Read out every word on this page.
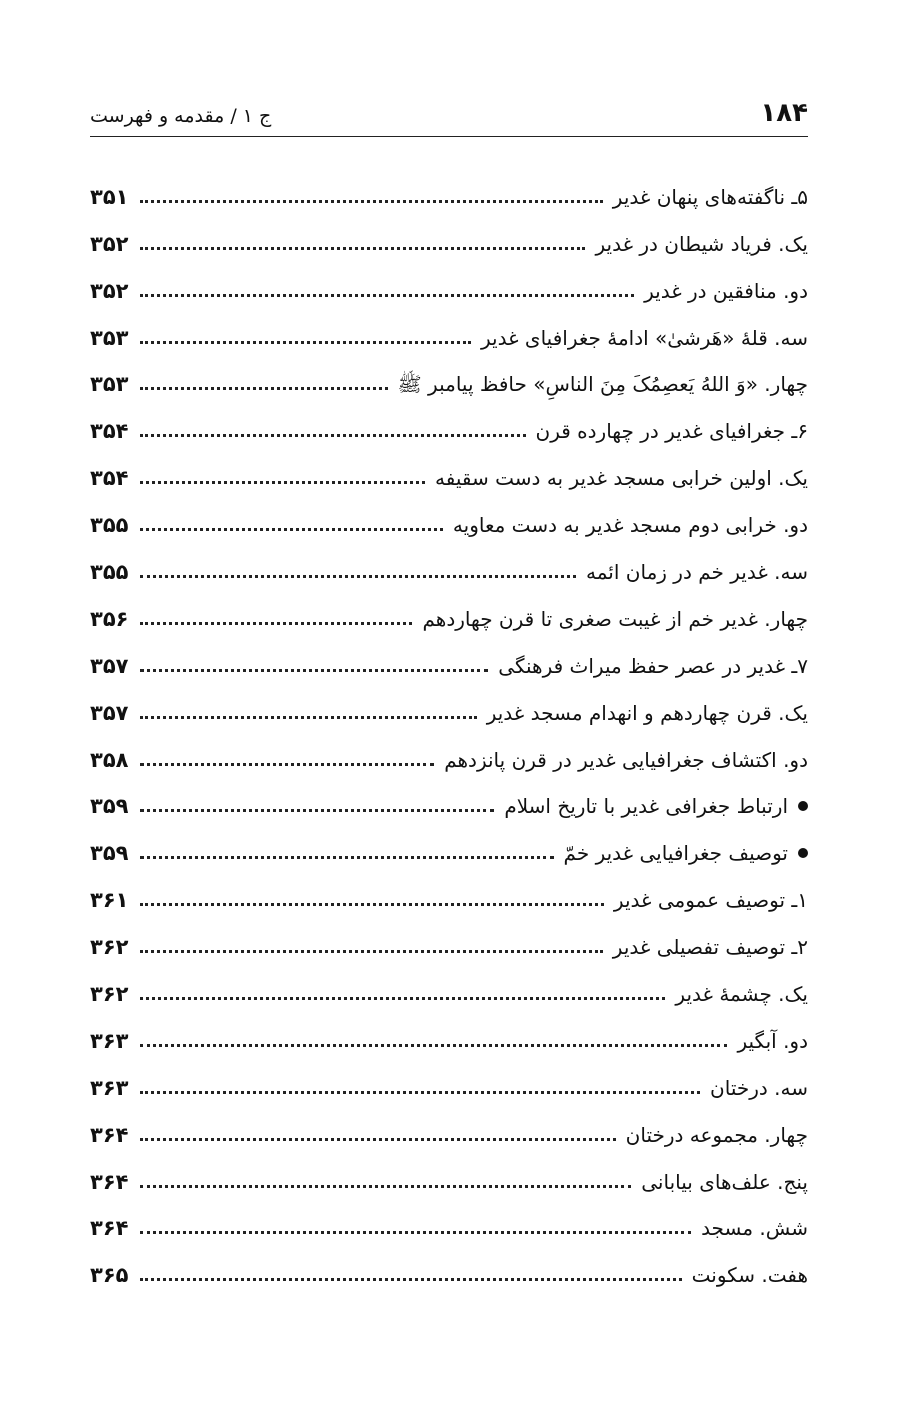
۱۸۴
ج ۱ / مقدمه و فهرست
۵ـ ناگفته‌های پنهان غدیر
۳۵۱
یک. فریاد شیطان در غدیر
۳۵۲
دو. منافقین در غدیر
۳۵۲
سه. قلهٔ «هَرشیٰ» ادامهٔ جغرافیای غدیر
۳۵۳
چهار. «وَ اللهُ یَعصِمُکَ مِنَ الناسِ» حافظ پیامبر ﷺ
۳۵۳
۶ـ جغرافیای غدیر در چهارده قرن
۳۵۴
یک. اولین خرابی مسجد غدیر به دست سقیفه
۳۵۴
دو. خرابی دوم مسجد غدیر به دست معاویه
۳۵۵
سه. غدیر خم در زمان ائمه
۳۵۵
چهار. غدیر خم از غیبت صغری تا قرن چهاردهم
۳۵۶
۷ـ غدیر در عصر حفظ میراث فرهنگی
۳۵۷
یک. قرن چهاردهم و انهدام مسجد غدیر
۳۵۷
دو. اکتشاف جغرافیایی غدیر در قرن پانزدهم
۳۵۸
ارتباط جغرافی غدیر با تاریخ اسلام
۳۵۹
توصیف جغرافیایی غدیر خمّ
۳۵۹
۱ـ توصیف عمومی غدیر
۳۶۱
۲ـ توصیف تفصیلی غدیر
۳۶۲
یک. چشمهٔ غدیر
۳۶۲
دو. آبگیر
۳۶۳
سه. درختان
۳۶۳
چهار. مجموعه درختان
۳۶۴
پنج. علف‌های بیابانی
۳۶۴
شش. مسجد
۳۶۴
هفت. سکونت
۳۶۵
